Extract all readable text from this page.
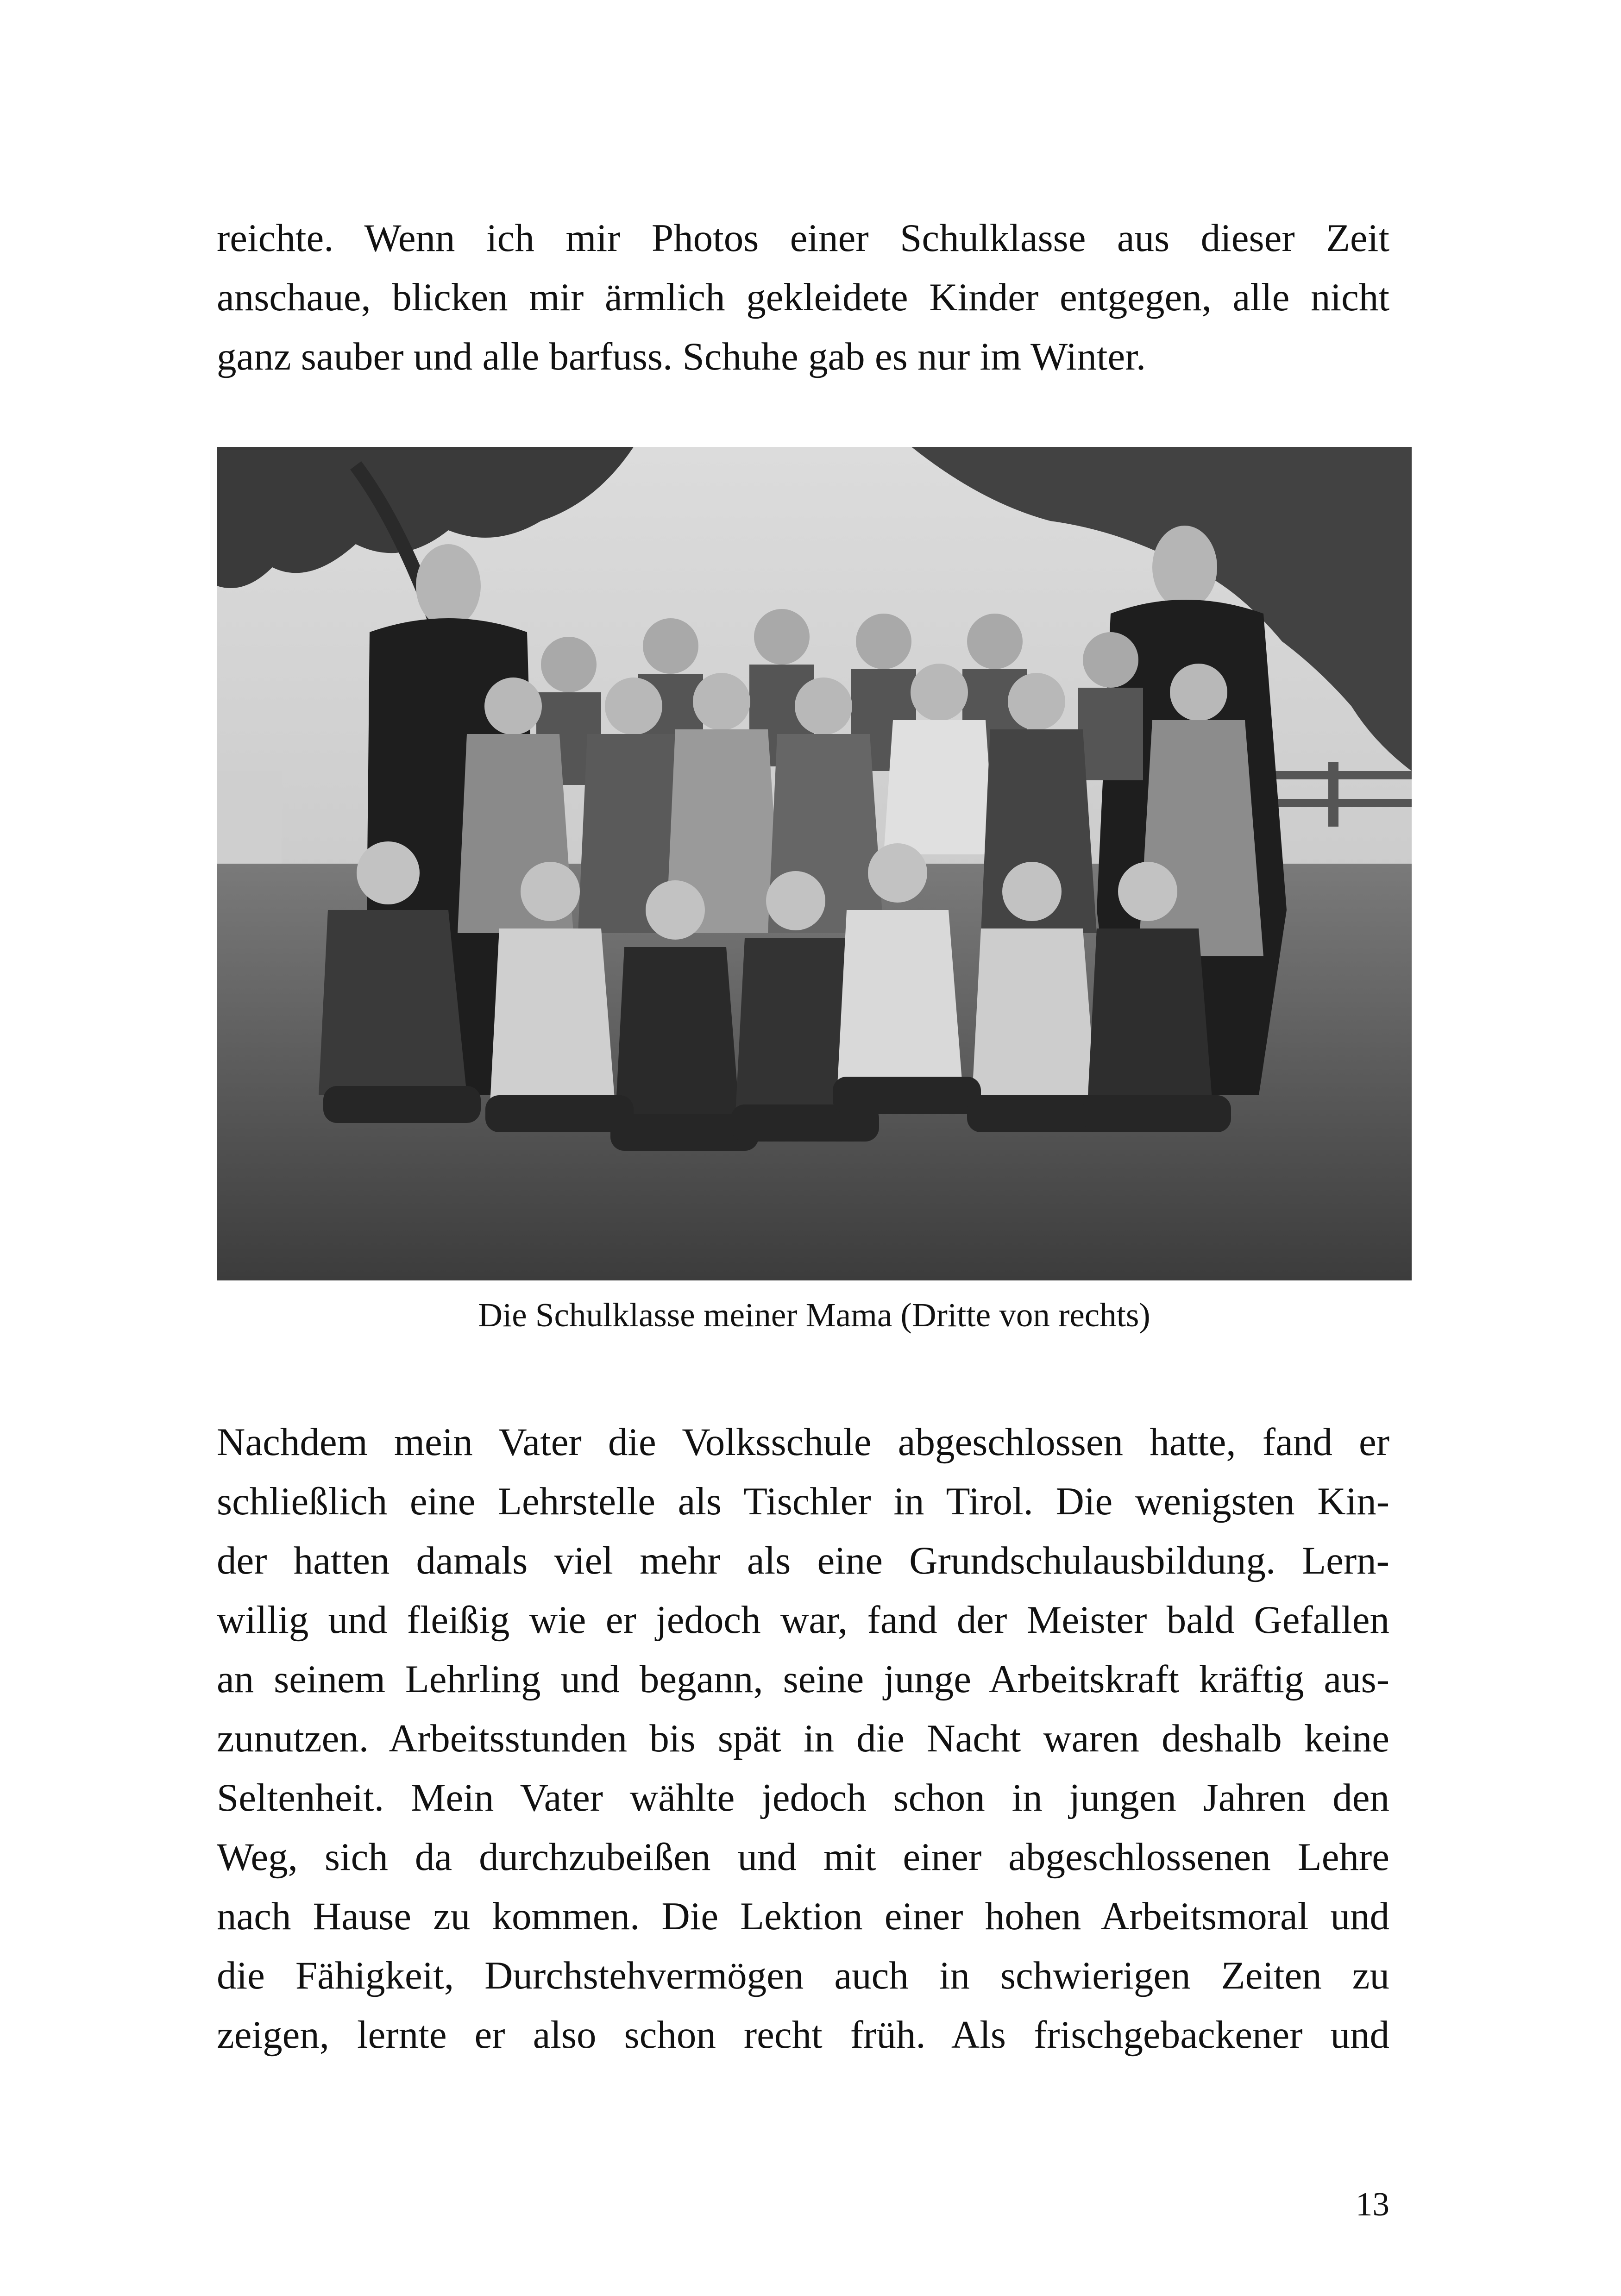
reichte. Wenn ich mir Photos einer Schulklasse aus dieser Zeit
anschaue, blicken mir ärmlich gekleidete Kinder entgegen, alle nicht
ganz sauber und alle barfuss. Schuhe gab es nur im Winter.
Die Schulklasse meiner Mama (Dritte von rechts)
Nachdem mein Vater die Volksschule abgeschlossen hatte, fand er
schließlich eine Lehrstelle als Tischler in Tirol. Die wenigsten Kin-
der hatten damals viel mehr als eine Grundschulausbildung. Lern-
willig und fleißig wie er jedoch war, fand der Meister bald Gefallen
an seinem Lehrling und begann, seine junge Arbeitskraft kräftig aus-
zunutzen. Arbeitsstunden bis spät in die Nacht waren deshalb keine
Seltenheit. Mein Vater wählte jedoch schon in jungen Jahren den
Weg, sich da durchzubeißen und mit einer abgeschlossenen Lehre
nach Hause zu kommen. Die Lektion einer hohen Arbeitsmoral und
die Fähigkeit, Durchstehvermögen auch in schwierigen Zeiten zu
zeigen, lernte er also schon recht früh. Als frischgebackener und
13
